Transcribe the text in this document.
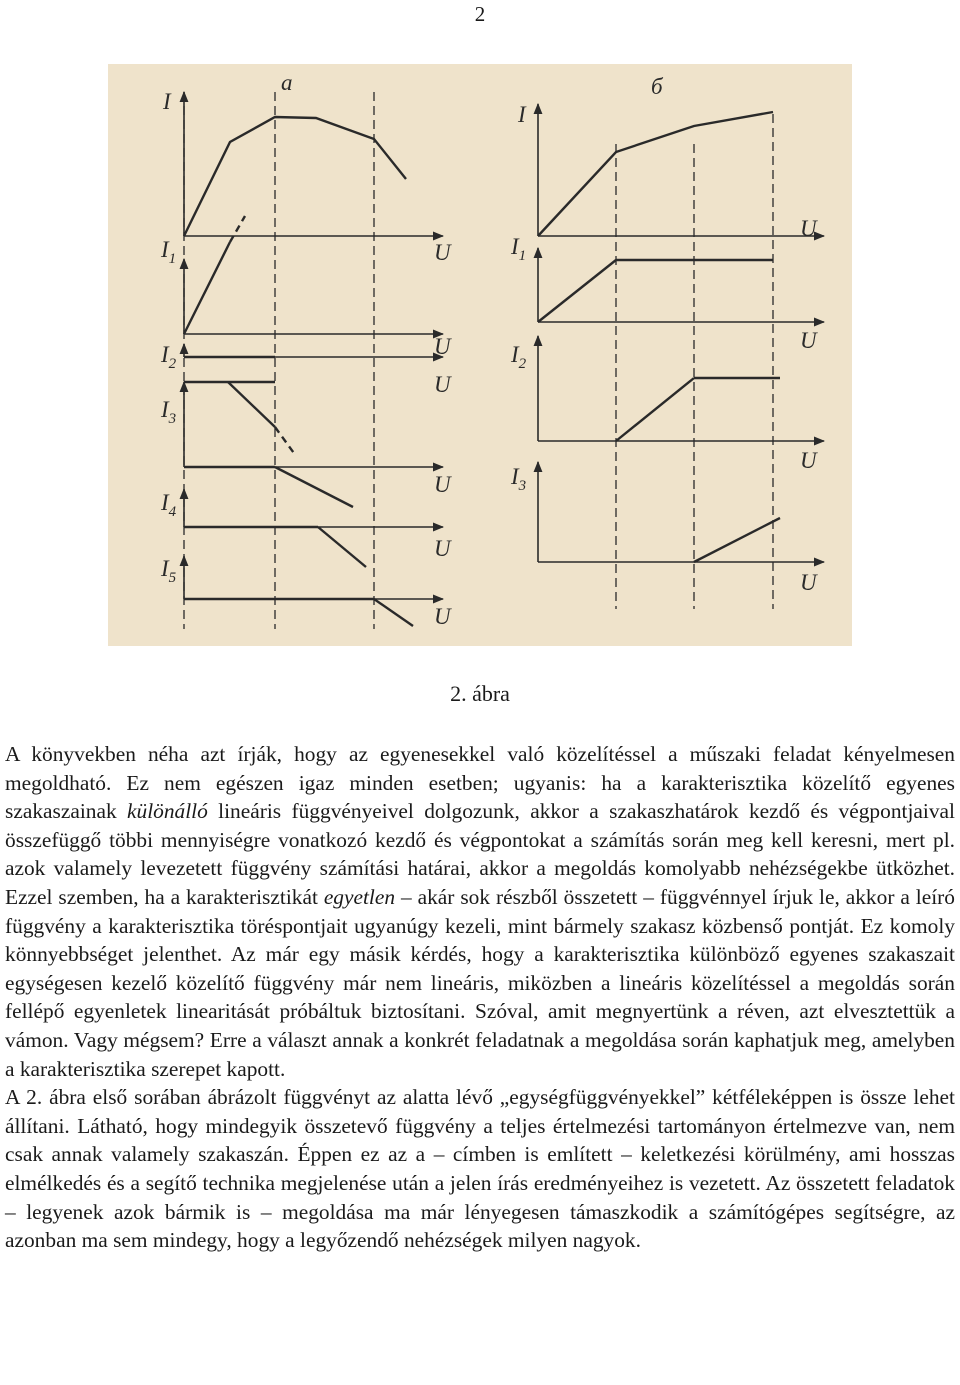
2
a	б
I
$I_1$
$I_2$
$I_3$
$I_4$
$I_5$
U
U
U
U
U
U
I
$I_1$
$I_2$
$I_3$
U
U
U
U
2. ábra

A könyvekben néha azt írják, hogy az egyenesekkel való közelítéssel a műszaki feladat kényelmesen megoldható. Ez nem egészen igaz minden esetben; ugyanis: ha a karakterisztika közelítő egyenes szakaszainak különálló lineáris függvényeivel dolgozunk, akkor a szakaszhatárok kezdő és végpontjaival összefüggő többi mennyiségre vonatkozó kezdő és végpontokat a számítás során meg kell keresni, mert pl. azok valamely levezetett függvény számítási határai, akkor a megoldás komolyabb nehézségekbe ütközhet. Ezzel szemben, ha a karakterisztikát egyetlen – akár sok részből összetett – függvénnyel írjuk le, akkor a leíró függvény a karakterisztika töréspontjait ugyanúgy kezeli, mint bármely szakasz közbenső pontját. Ez komoly könnyebbséget jelenthet. Az már egy másik kérdés, hogy a karakterisztika különböző egyenes szakaszait egységesen kezelő közelítő függvény már nem lineáris, miközben a lineáris közelítéssel a megoldás során fellépő egyenletek linearitását próbáltuk biztosítani. Szóval, amit megnyertünk a réven, azt elvesztettük a vámon. Vagy mégsem? Erre a választ annak a konkrét feladatnak a megoldása során kaphatjuk meg, amelyben a karakterisztika szerepet kapott.

A 2. ábra első sorában ábrázolt függvényt az alatta lévő „egységfüggvényekkel” kétféleképpen is össze lehet állítani. Látható, hogy mindegyik összetevő függvény a teljes értelmezési tartományon értelmezve van, nem csak annak valamely szakaszán. Éppen ez az a – címben is említett – keletkezési körülmény, ami hosszas elmélkedés és a segítő technika megjelenése után a jelen írás eredményeihez is vezetett. Az összetett feladatok – legyenek azok bármik is – megoldása ma már lényegesen támaszkodik a számítógépes segítségre, az azonban ma sem mindegy, hogy a legyőzendő nehézségek milyen nagyok.
